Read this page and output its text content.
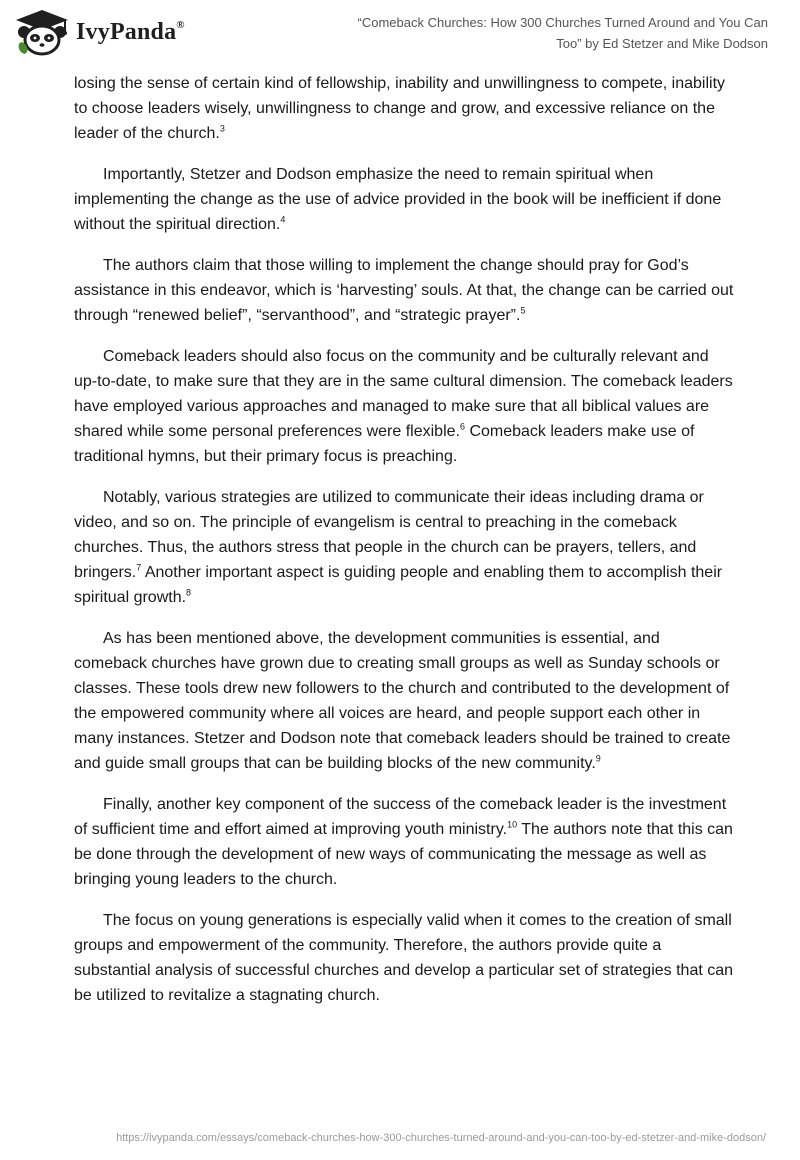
IvyPanda®	“Comeback Churches: How 300 Churches Turned Around and You Can Too” by Ed Stetzer and Mike Dodson

losing the sense of certain kind of fellowship, inability and unwillingness to compete, inability to choose leaders wisely, unwillingness to change and grow, and excessive reliance on the leader of the church.$^3$

Importantly, Stetzer and Dodson emphasize the need to remain spiritual when implementing the change as the use of advice provided in the book will be inefficient if done without the spiritual direction.$^4$

The authors claim that those willing to implement the change should pray for God’s assistance in this endeavor, which is ‘harvesting’ souls. At that, the change can be carried out through “renewed belief”, “servanthood”, and “strategic prayer”.$^5$

Comeback leaders should also focus on the community and be culturally relevant and up-to-date, to make sure that they are in the same cultural dimension. The comeback leaders have employed various approaches and managed to make sure that all biblical values are shared while some personal preferences were flexible.$^6$ Comeback leaders make use of traditional hymns, but their primary focus is preaching.

Notably, various strategies are utilized to communicate their ideas including drama or video, and so on. The principle of evangelism is central to preaching in the comeback churches. Thus, the authors stress that people in the church can be prayers, tellers, and bringers.$^7$ Another important aspect is guiding people and enabling them to accomplish their spiritual growth.$^8$

As has been mentioned above, the development communities is essential, and comeback churches have grown due to creating small groups as well as Sunday schools or classes. These tools drew new followers to the church and contributed to the development of the empowered community where all voices are heard, and people support each other in many instances. Stetzer and Dodson note that comeback leaders should be trained to create and guide small groups that can be building blocks of the new community.$^9$

Finally, another key component of the success of the comeback leader is the investment of sufficient time and effort aimed at improving youth ministry.$^{10}$ The authors note that this can be done through the development of new ways of communicating the message as well as bringing young leaders to the church.

The focus on young generations is especially valid when it comes to the creation of small groups and empowerment of the community. Therefore, the authors provide quite a substantial analysis of successful churches and develop a particular set of strategies that can be utilized to revitalize a stagnating church.

https://ivypanda.com/essays/comeback-churches-how-300-churches-turned-around-and-you-can-too-by-ed-stetzer-and-mike-dodson/
